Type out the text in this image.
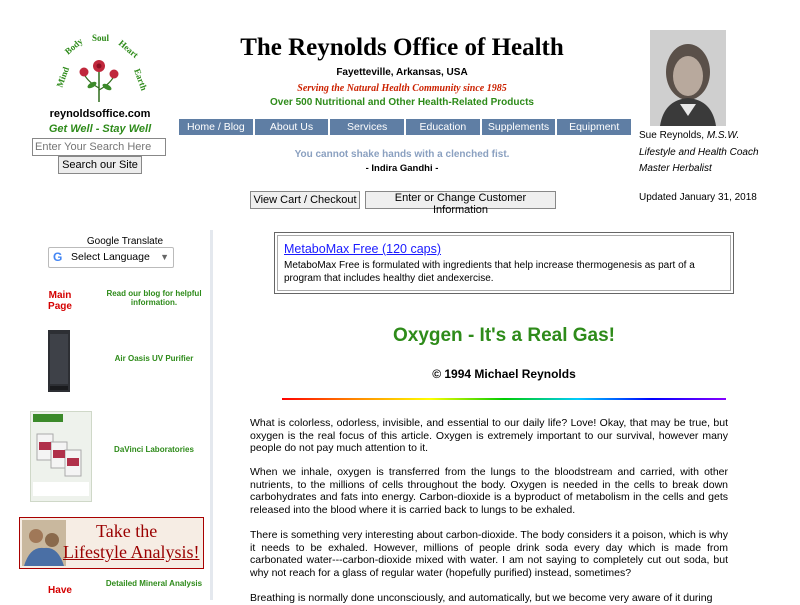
Mind
Body Soul Heart
Earth
reynoldsoffice.com
Get Well - Stay Well
Enter Your Search Here
Search our Site
The Reynolds Office of Health
Fayetteville, Arkansas, USA
Serving the Natural Health Community since 1985
Over 500 Nutritional and Other Health-Related Products
Home / Blog	About Us	Services	Education	Supplements	Equipment
You cannot shake hands with a clenched fist.
- Indira Gandhi -
View Cart / Checkout	Enter or Change Customer Information
Sue Reynolds, M.S.W.
Lifestyle and Health Coach
Master Herbalist
Updated January 31, 2018
Google Translate
G Select Language ▼
Main Page
Read our blog for helpful information.
Air Oasis UV Purifier
DaVinci Laboratories
Take the
Lifestyle Analysis!
Have
Detailed Mineral Analysis
MetaboMax Free (120 caps)
MetaboMax Free is formulated with ingredients that help increase thermogenesis as part of a program that includes healthy diet andexercise.
Oxygen - It's a Real Gas!
© 1994 Michael Reynolds
What is colorless, odorless, invisible, and essential to our daily life? Love! Okay, that may be true, but oxygen is the real focus of this article. Oxygen is extremely important to our survival, however many people do not pay much attention to it.
When we inhale, oxygen is transferred from the lungs to the bloodstream and carried, with other nutrients, to the millions of cells throughout the body. Oxygen is needed in the cells to break down carbohydrates and fats into energy. Carbon-dioxide is a byproduct of metabolism in the cells and gets released into the blood where it is carried back to lungs to be exhaled.
There is something very interesting about carbon-dioxide. The body considers it a poison, which is why it needs to be exhaled. However, millions of people drink soda every day which is made from carbonated water---carbon-dioxide mixed with water. I am not saying to completely cut out soda, but why not reach for a glass of regular water (hopefully purified) instead, sometimes?
Breathing is normally done unconsciously, and automatically, but we become very aware of it during
